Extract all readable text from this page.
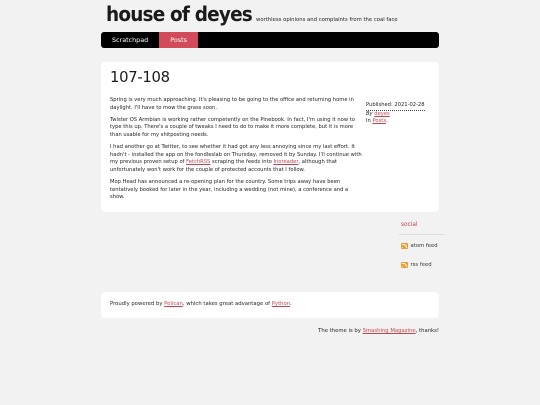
house of deyes worthless opinions and complaints from the coal face
Scratchpad	Posts
107-108

Spring is very much approaching. It's pleasing to be going to the office and returning home in daylight. I'll have to mow the grass soon.

Twister OS Armbian is working rather competently on the Pinebook. In fact, I'm using it now to type this up. There's a couple of tweaks I need to do to make it more complete, but it is more than usable for my shitposting needs.

I had another go at Twitter, to see whether it had got any less annoying since my last effort. It hadn't - installed the app on the fondleslab on Thursday, removed it by Sunday. I'll continue with my previous proven setup of FetchRSS scraping the feeds into Inoreader, although that unfortunately won't work for the couple of protected accounts that I follow.

Mop Head has announced a re-opening plan for the country. Some trips away have been tentatively booked for later in the year, including a wedding (not mine), a conference and a show.

Published: 2021-02-28
By deyes
In Posts.
social
atom feed
rss feed
Proudly powered by Pelican, which takes great advantage of Python.
The theme is by Smashing Magazine, thanks!
